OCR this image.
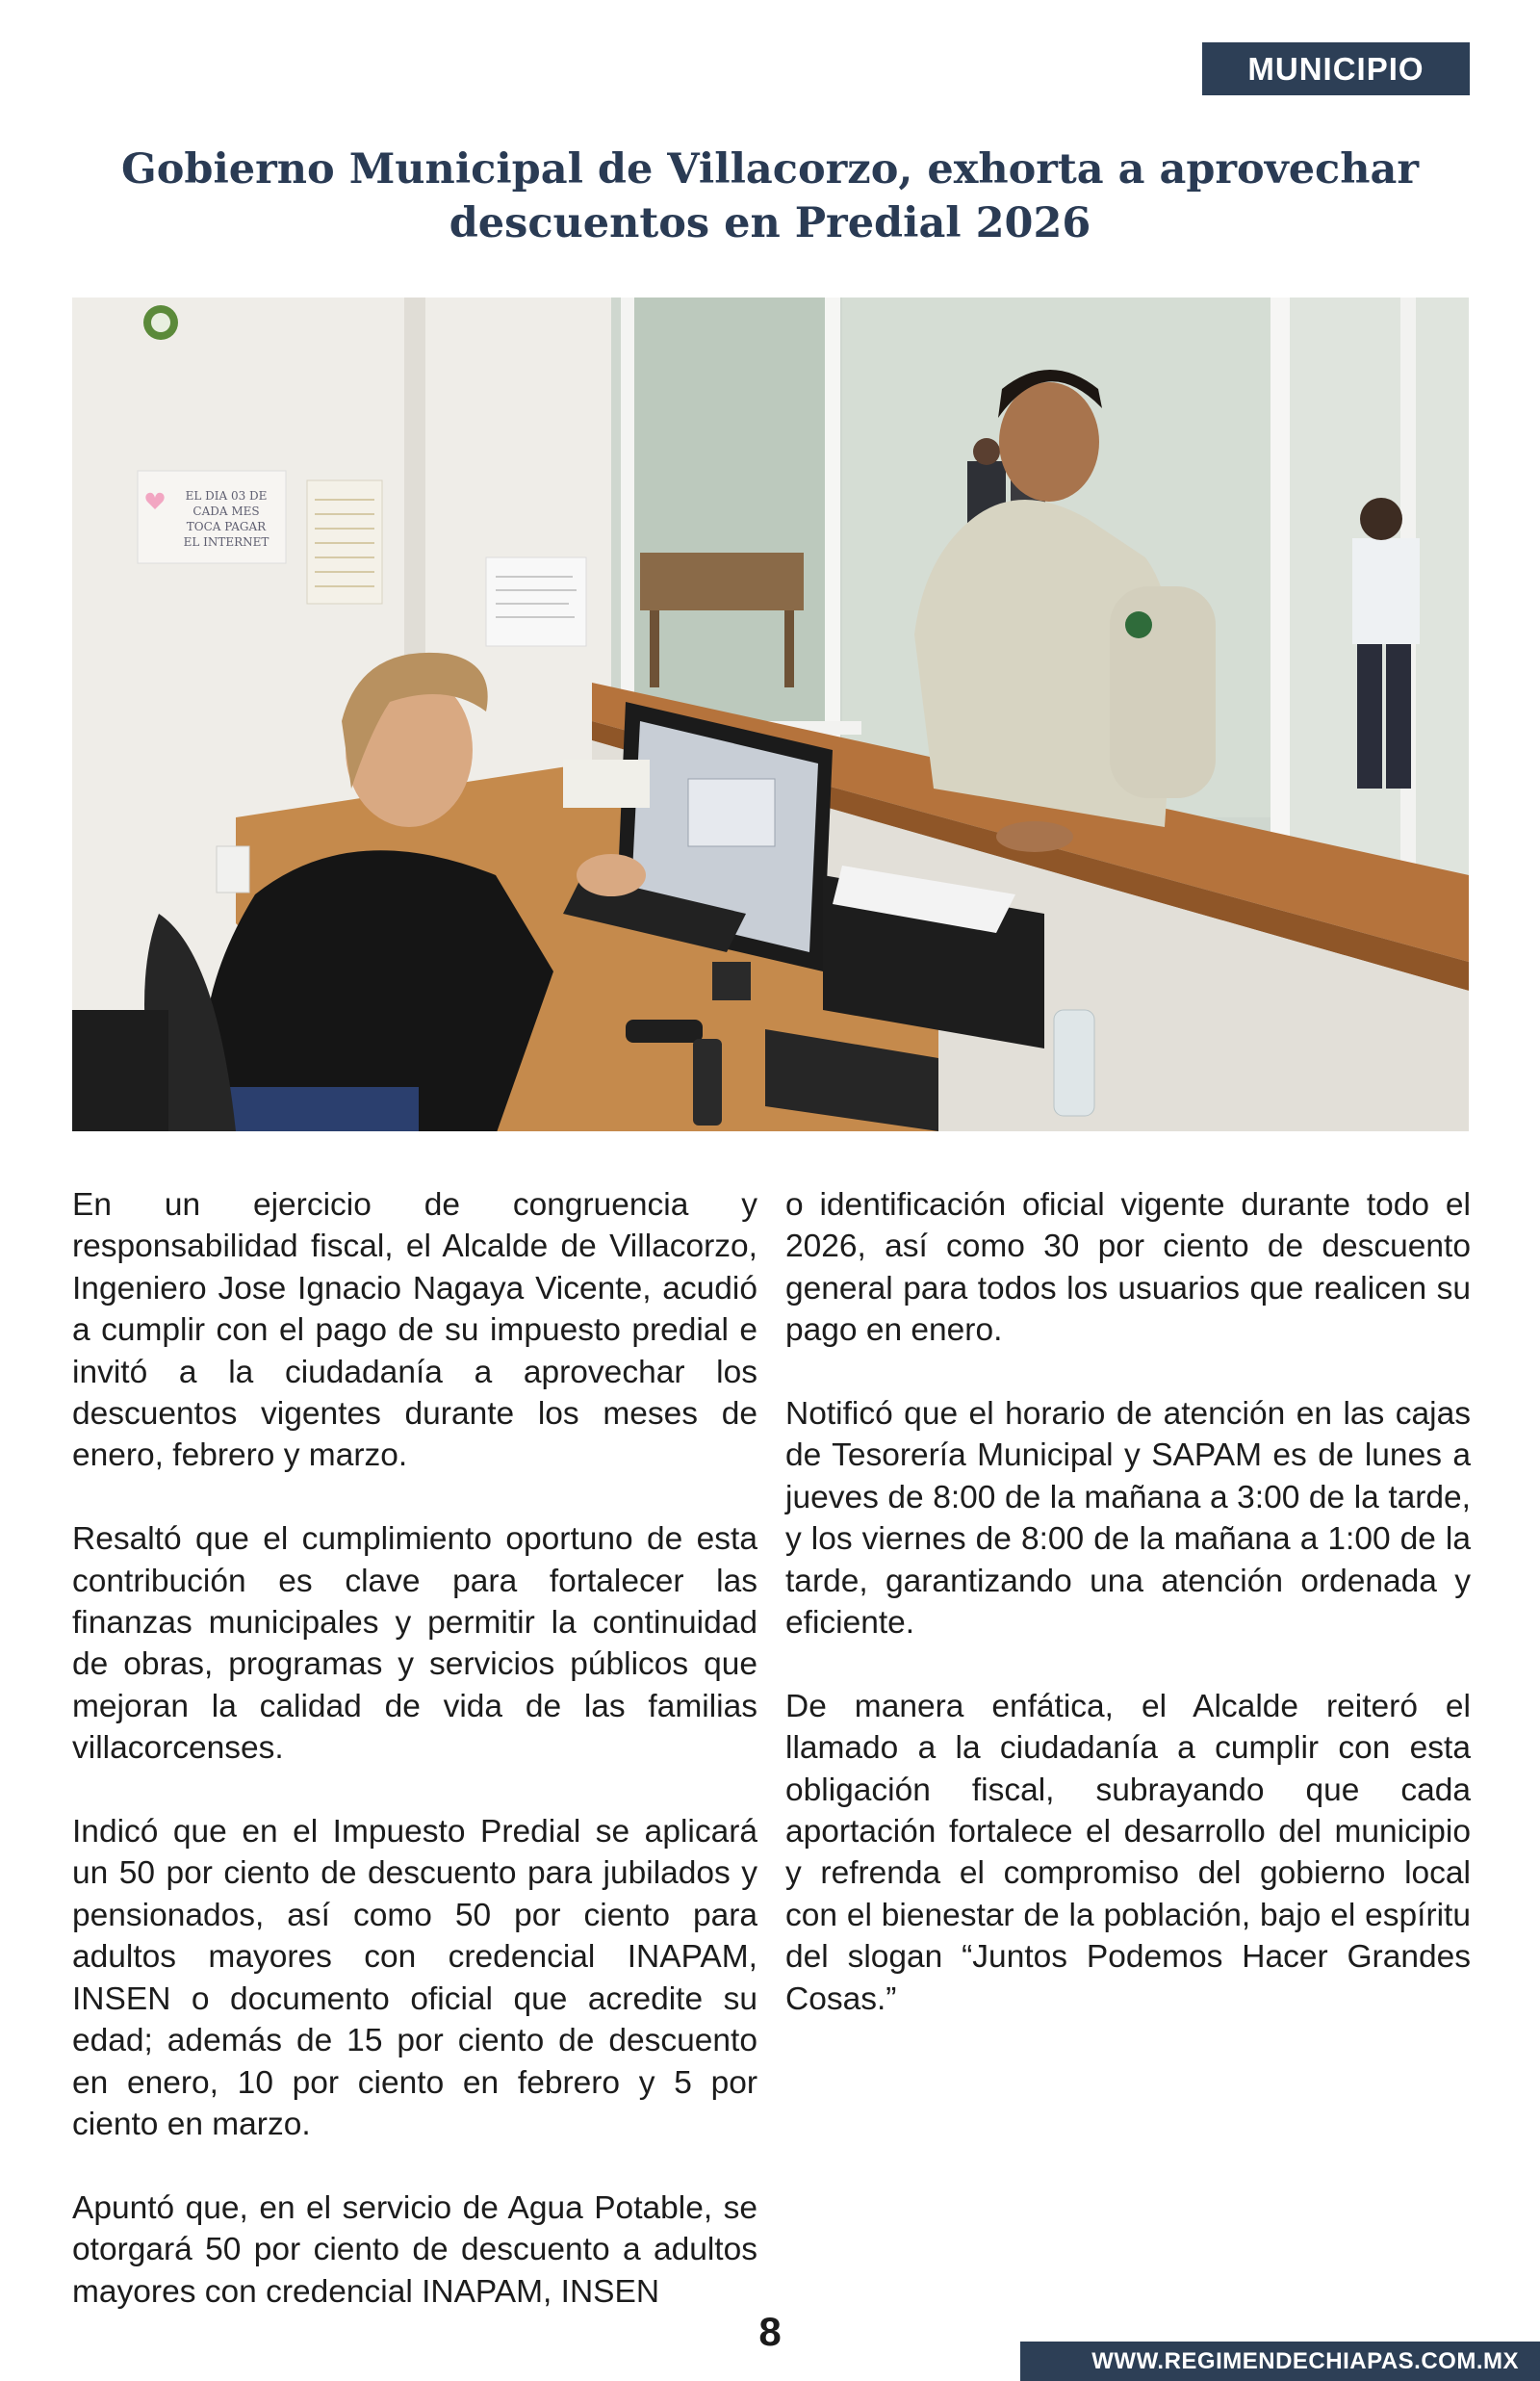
MUNICIPIO
Gobierno Municipal de Villacorzo, exhorta a aprovechar descuentos en Predial 2026
EL DIA 03 DE
CADA MES
TOCA PAGAR
EL INTERNET

En un ejercicio de congruencia y responsabilidad fiscal, el Alcalde de Villacorzo, Ingeniero Jose Ignacio Nagaya Vicente, acudió a cumplir con el pago de su impuesto predial e invitó a la ciudadanía a aprovechar los descuentos vigentes durante los meses de enero, febrero y marzo.

Resaltó que el cumplimiento oportuno de esta contribución es clave para fortalecer las finanzas municipales y permitir la continuidad de obras, programas y servicios públicos que mejoran la calidad de vida de las familias villacorcenses.

Indicó que en el Impuesto Predial se aplicará un 50 por ciento de descuento para jubilados y pensionados, así como 50 por ciento para adultos mayores con credencial INAPAM, INSEN o documento oficial que acredite su edad; además de 15 por ciento de descuento en enero, 10 por ciento en febrero y 5 por ciento en marzo.

Apuntó que, en el servicio de Agua Potable, se otorgará 50 por ciento de descuento a adultos mayores con credencial INAPAM, INSEN

o identificación oficial vigente durante todo el 2026, así como 30 por ciento de descuento general para todos los usuarios que realicen su pago en enero.

Notificó que el horario de atención en las cajas de Tesorería Municipal y SAPAM es de lunes a jueves de 8:00 de la mañana a 3:00 de la tarde, y los viernes de 8:00 de la mañana a 1:00 de la tarde, garantizando una atención ordenada y eficiente.

De manera enfática, el Alcalde reiteró el llamado a la ciudadanía a cumplir con esta obligación fiscal, subrayando que cada aportación fortalece el desarrollo del municipio y refrenda el compromiso del gobierno local con el bienestar de la población, bajo el espíritu del slogan “Juntos Podemos Hacer Grandes Cosas.”

8
WWW.REGIMENDECHIAPAS.COM.MX
